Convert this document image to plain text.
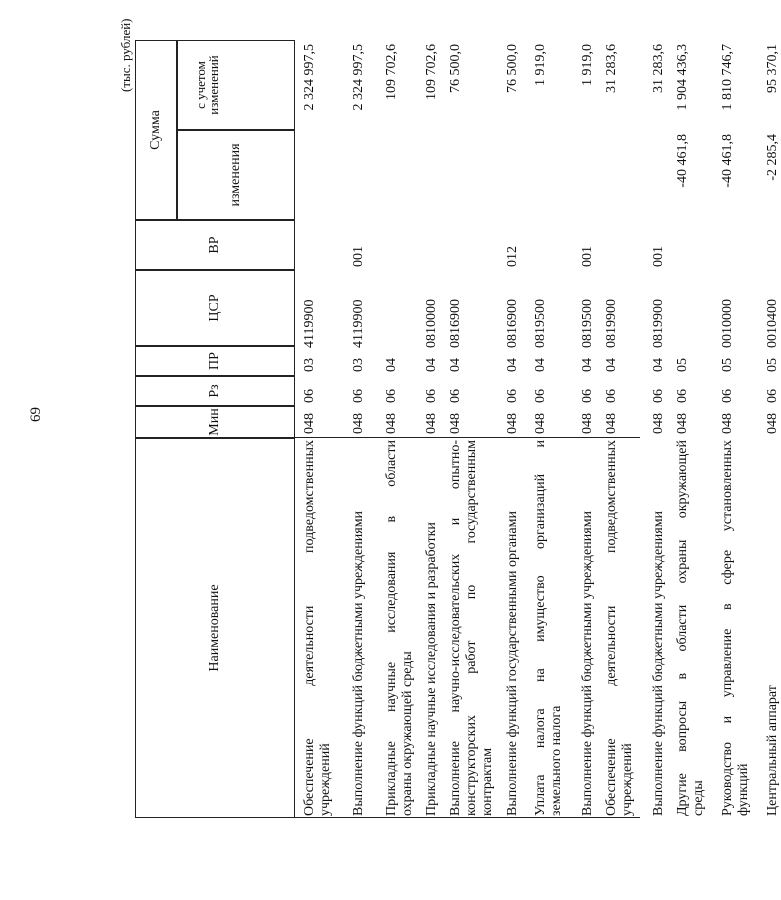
69
(тыс. рублей)
Наименование
Мин
Рз
ПР
ЦСР
ВР
Сумма
изменения
с учетом
изменений
Обеспечение деятельности подведомственных учреждений
048
06
03
4119900
2 324 997,5
Выполнение функций бюджетными учреждениями
048
06
03
4119900
001
2 324 997,5
Прикладные научные исследования в области охраны окружающей среды
048
06
04
109 702,6
Прикладные научные исследования и разработки
048
06
04
0810000
109 702,6
Выполнение научно-исследовательских и опытно- конструкторских работ по государственным контрактам
048
06
04
0816900
76 500,0
Выполнение функций государственными органами
048
06
04
0816900
012
76 500,0
Уплата налога на имущество организаций и земельного налога
048
06
04
0819500
1 919,0
Выполнение функций бюджетными учреждениями
048
06
04
0819500
001
1 919,0
Обеспечение деятельности подведомственных учреждений
048
06
04
0819900
31 283,6
Выполнение функций бюджетными учреждениями
048
06
04
0819900
001
31 283,6
Другие вопросы в области охраны окружающей среды
048
06
05
-40 461,8
1 904 436,3
Руководство и управление в сфере установленных функций
048
06
05
0010000
-40 461,8
1 810 746,7
Центральный аппарат
048
06
05
0010400
-2 285,4
95 370,1
